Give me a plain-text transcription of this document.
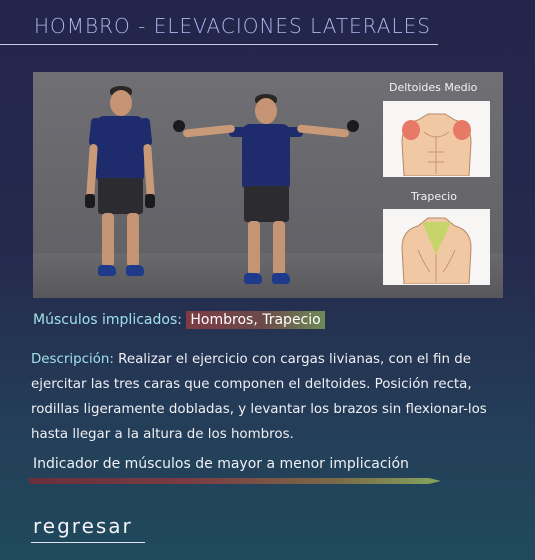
HOMBRO - ELEVACIONES LATERALES
Deltoides Medio
Trapecio
Músculos implicados: Hombros, Trapecio
Descripción: Realizar el ejercicio con cargas livianas, con el fin de ejercitar las tres caras que componen el deltoides. Posición recta, rodillas ligeramente dobladas, y levantar los brazos sin flexionar-los hasta llegar a la altura de los hombros.
Indicador de músculos de mayor a menor implicación
regresar
